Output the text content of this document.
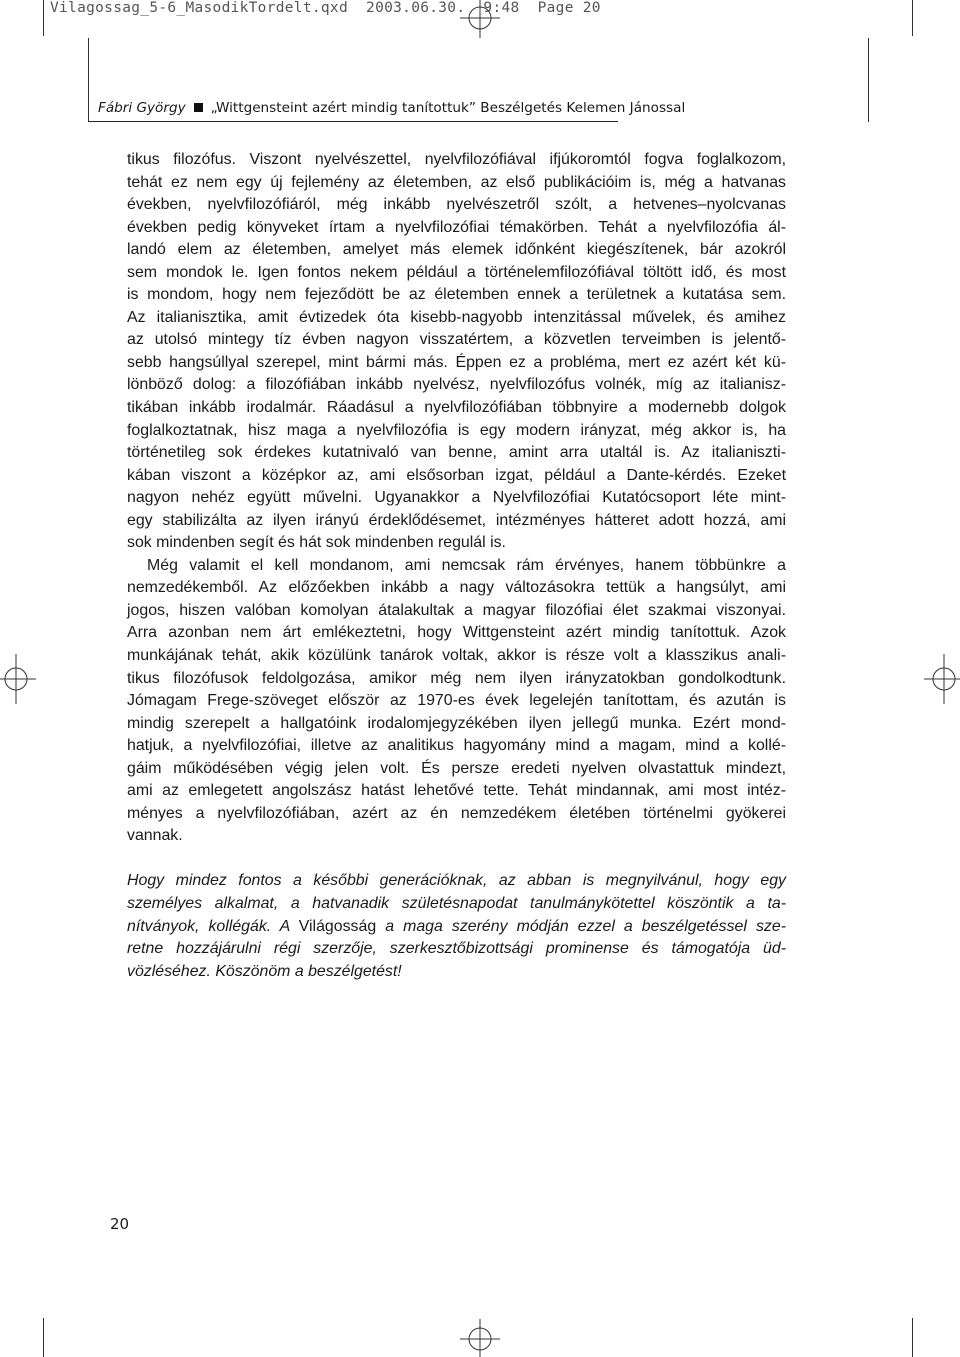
Vilagossag_5-6_MasodikTordelt.qxd  2003.06.30.  9:48  Page 20
Fábri György „Wittgensteint azért mindig tanítottuk” Beszélgetés Kelemen Jánossal

tikus filozófus. Viszont nyelvészettel, nyelvfilozófiával ifjúkoromtól fogva foglalkozom,
tehát ez nem egy új fejlemény az életemben, az első publikációim is, még a hatvanas
években, nyelvfilozófiáról, még inkább nyelvészetről szólt, a hetvenes–nyolcvanas
években pedig könyveket írtam a nyelvfilozófiai témakörben. Tehát a nyelvfilozófia ál-
landó elem az életemben, amelyet más elemek időnként kiegészítenek, bár azokról
sem mondok le. Igen fontos nekem például a történelemfilozófiával töltött idő, és most
is mondom, hogy nem fejeződött be az életemben ennek a területnek a kutatása sem.
Az italianisztika, amit évtizedek óta kisebb-nagyobb intenzitással művelek, és amihez
az utolsó mintegy tíz évben nagyon visszatértem, a közvetlen terveimben is jelentő-
sebb hangsúllyal szerepel, mint bármi más. Éppen ez a probléma, mert ez azért két kü-
lönböző dolog: a filozófiában inkább nyelvész, nyelvfilozófus volnék, míg az italianisz-
tikában inkább irodalmár. Ráadásul a nyelvfilozófiában többnyire a modernebb dolgok
foglalkoztatnak, hisz maga a nyelvfilozófia is egy modern irányzat, még akkor is, ha
történetileg sok érdekes kutatnivaló van benne, amint arra utaltál is. Az italianiszti-
kában viszont a középkor az, ami elsősorban izgat, például a Dante-kérdés. Ezeket
nagyon nehéz együtt művelni. Ugyanakkor a Nyelvfilozófiai Kutatócsoport léte mint-
egy stabilizálta az ilyen irányú érdeklődésemet, intézményes hátteret adott hozzá, ami
sok mindenben segít és hát sok mindenben regulál is.

Még valamit el kell mondanom, ami nemcsak rám érvényes, hanem többünkre a
nemzedékemből. Az előzőekben inkább a nagy változásokra tettük a hangsúlyt, ami
jogos, hiszen valóban komolyan átalakultak a magyar filozófiai élet szakmai viszonyai.
Arra azonban nem árt emlékeztetni, hogy Wittgensteint azért mindig tanítottuk. Azok
munkájának tehát, akik közülünk tanárok voltak, akkor is része volt a klasszikus anali-
tikus filozófusok feldolgozása, amikor még nem ilyen irányzatokban gondolkodtunk.
Jómagam Frege-szöveget először az 1970-es évek legelején tanítottam, és azután is
mindig szerepelt a hallgatóink irodalomjegyzékében ilyen jellegű munka. Ezért mond-
hatjuk, a nyelvfilozófiai, illetve az analitikus hagyomány mind a magam, mind a kollé-
gáim működésében végig jelen volt. És persze eredeti nyelven olvastattuk mindezt,
ami az emlegetett angolszász hatást lehetővé tette. Tehát mindannak, ami most intéz-
ményes a nyelvfilozófiában, azért az én nemzedékem életében történelmi gyökerei
vannak.

Hogy mindez fontos a későbbi generációknak, az abban is megnyilvánul, hogy egy
személyes alkalmat, a hatvanadik születésnapodat tanulmánykötettel köszöntik a ta-
nítványok, kollégák. A Világosság a maga szerény módján ezzel a beszélgetéssel sze-
retne hozzájárulni régi szerzője, szerkesztőbizottsági prominense és támogatója üd-
vözléséhez. Köszönöm a beszélgetést!

20
